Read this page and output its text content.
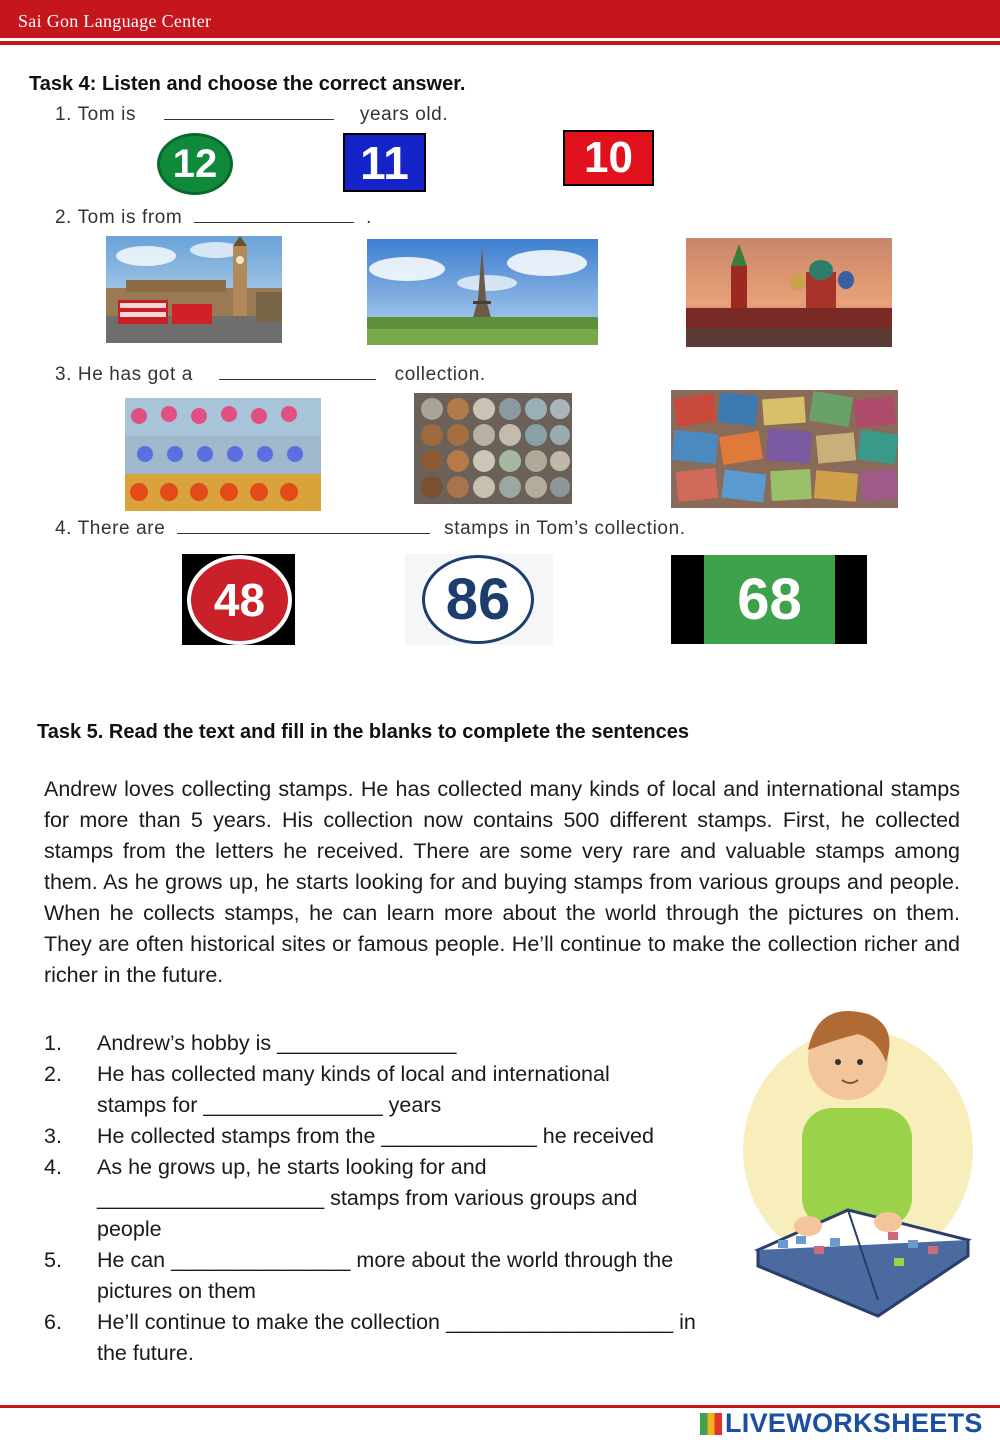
Sai Gon Language Center
Task 4: Listen and choose the correct answer.
1. Tom is	years old.
12	11	10
2. Tom is from	.
3. He has got a	collection.
4. There are	stamps in Tom’s collection.
48	86	68
Task 5. Read the text and fill in the blanks to complete the sentences
Andrew loves collecting stamps. He has collected many kinds of local and international stamps for more than 5 years. His collection now contains 500 different stamps. First, he collected stamps from the letters he received. There are some very rare and valuable stamps among them. As he grows up, he starts looking for and buying stamps from various groups and people. When he collects stamps, he can learn more about the world through the pictures on them. They are often historical sites or famous people. He’ll continue to make the collection richer and richer in the future.
1.	Andrew’s hobby is _______________
2.	He has collected many kinds of local and international stamps for _______________ years
3.	He collected stamps from the _____________ he received
4.	As he grows up, he starts looking for and ___________________ stamps from various groups and people
5.	He can _______________ more about the world through the pictures on them
6.	He’ll continue to make the collection ___________________ in the future.
LIVEWORKSHEETS
